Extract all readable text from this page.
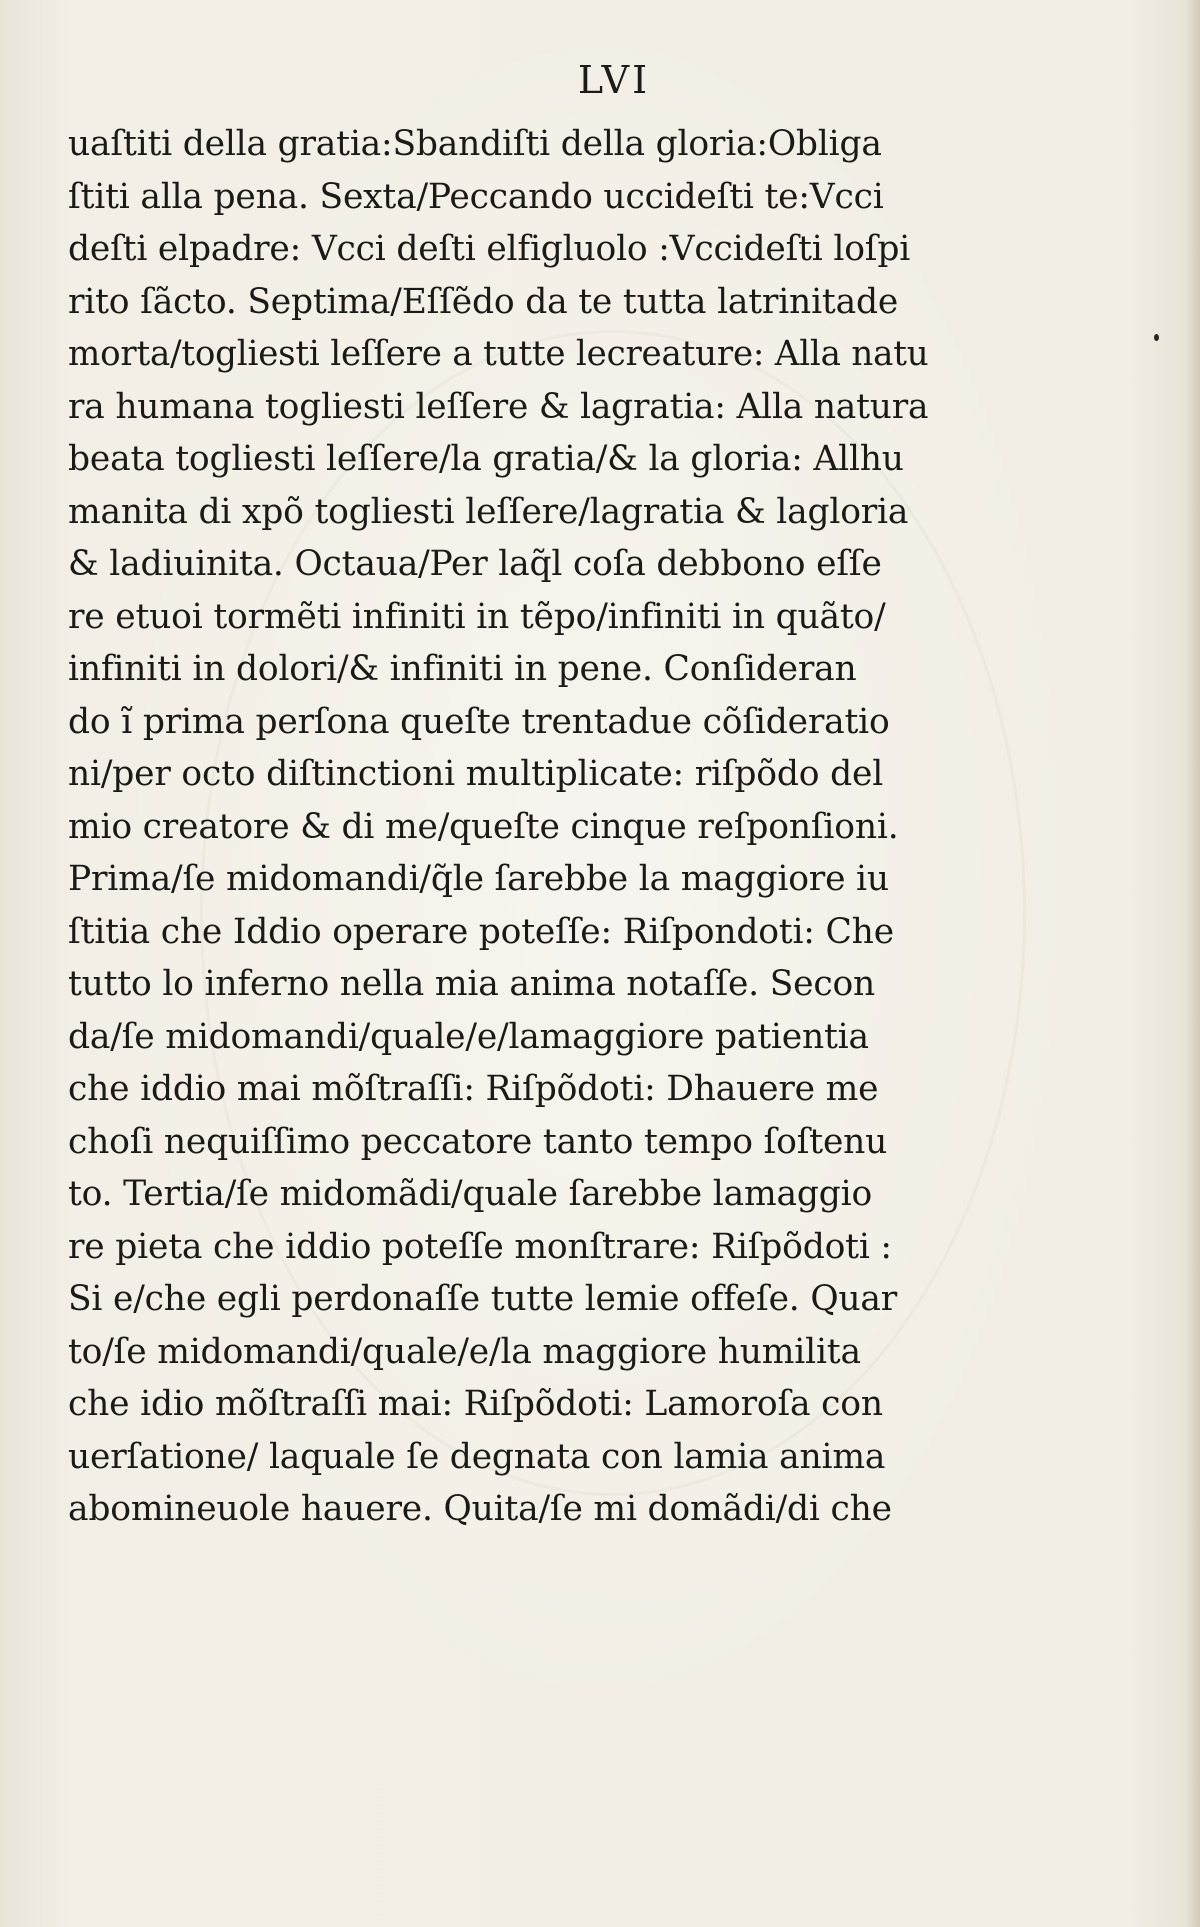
LVI
uaſtiti della gratia:Sbandiſti della gloria:Obliga
ſtiti alla pena. Sexta/Peccando uccideſti te:Vcci
deſti elpadre: Vcci deſti elfigluolo :Vccideſti loſpi
rito ſãcto. Septima/Eſſẽdo da te tutta latrinitade
morta/togliesti leſſere a tutte lecreature: Alla natu
ra humana togliesti leſſere & lagratia: Alla natura
beata togliesti leſſere/la gratia/& la gloria: Allhu
manita di xpõ togliesti leſſere/lagratia & lagloria
& ladiuinita. Octaua/Per laq̃l coſa debbono eſſe
re etuoi tormẽti infiniti in tẽpo/infiniti in quãto/
infiniti in dolori/& infiniti in pene. Conſideran
do ĩ prima perſona queſte trentadue cõſideratio
ni/per octo diſtinctioni multiplicate: riſpõdo del
mio creatore & di me/queſte cinque reſponſioni.
Prima/ſe midomandi/q̃le ſarebbe la maggiore iu
ſtitia che Iddio operare poteſſe: Riſpondoti: Che
tutto lo inferno nella mia anima notaſſe. Secon
da/ſe midomandi/quale/e/lamaggiore patientia
che iddio mai mõſtraſſi: Riſpõdoti: Dhauere me
choſi nequiſſimo peccatore tanto tempo ſoſtenu
to. Tertia/ſe midomãdi/quale ſarebbe lamaggio
re pieta che iddio poteſſe monſtrare: Riſpõdoti :
Si e/che egli perdonaſſe tutte lemie offeſe. Quar
to/ſe midomandi/quale/e/la maggiore humilita
che idio mõſtraſſi mai: Riſpõdoti: Lamoroſa con
uerſatione/ laquale ſe degnata con lamia anima
abomineuole hauere. Quita/ſe mi domãdi/di che
